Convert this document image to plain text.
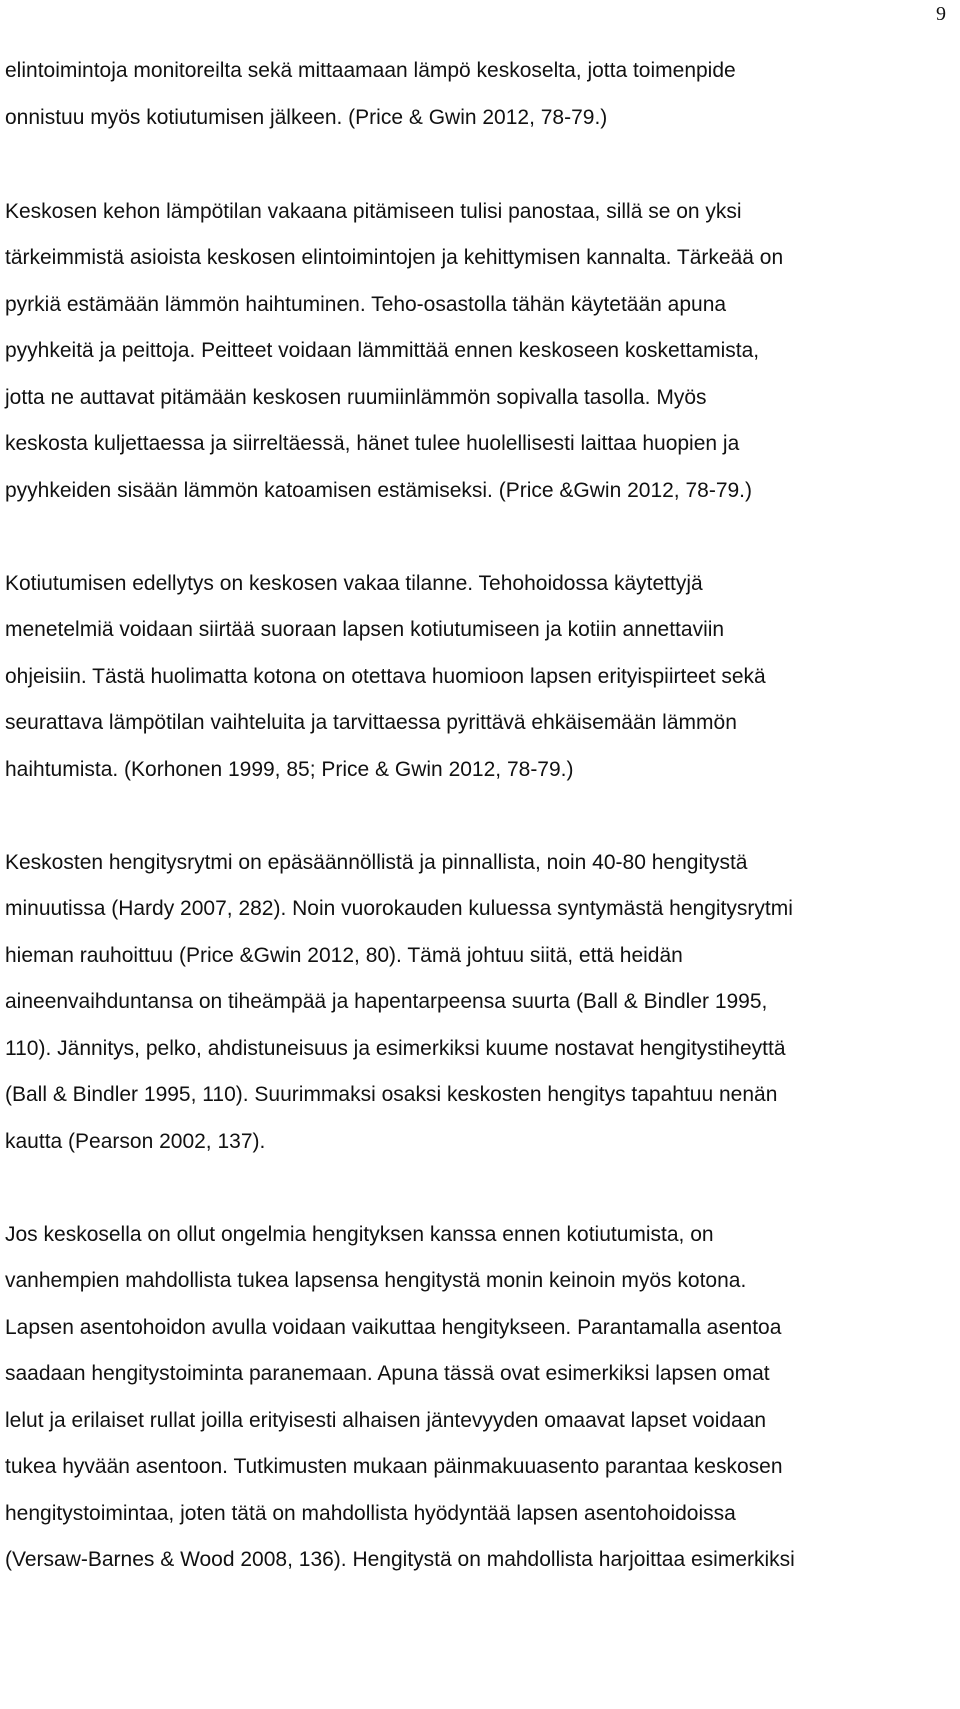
9
elintoimintoja monitoreilta sekä mittaamaan lämpö keskoselta, jotta toimenpide
onnistuu myös kotiutumisen jälkeen. (Price & Gwin 2012, 78-79.)
Keskosen kehon lämpötilan vakaana pitämiseen tulisi panostaa, sillä se on yksi
tärkeimmistä asioista keskosen elintoimintojen ja kehittymisen kannalta. Tärkeää on
pyrkiä estämään lämmön haihtuminen. Teho-osastolla tähän käytetään apuna
pyyhkeitä ja peittoja. Peitteet voidaan lämmittää ennen keskoseen koskettamista,
jotta ne auttavat pitämään keskosen ruumiinlämmön sopivalla tasolla. Myös
keskosta kuljettaessa ja siirreltäessä, hänet tulee huolellisesti laittaa huopien ja
pyyhkeiden sisään lämmön katoamisen estämiseksi. (Price &Gwin 2012, 78-79.)
Kotiutumisen edellytys on keskosen vakaa tilanne. Tehohoidossa käytettyjä
menetelmiä voidaan siirtää suoraan lapsen kotiutumiseen ja kotiin annettaviin
ohjeisiin. Tästä huolimatta kotona on otettava huomioon lapsen erityispiirteet sekä
seurattava lämpötilan vaihteluita ja tarvittaessa pyrittävä ehkäisemään lämmön
haihtumista. (Korhonen 1999, 85; Price & Gwin 2012, 78-79.)
Keskosten hengitysrytmi on epäsäännöllistä ja pinnallista, noin 40-80 hengitystä
minuutissa (Hardy 2007, 282). Noin vuorokauden kuluessa syntymästä hengitysrytmi
hieman rauhoittuu (Price &Gwin 2012, 80). Tämä johtuu siitä, että heidän
aineenvaihduntansa on tiheämpää ja hapentarpeensa suurta (Ball & Bindler 1995,
110). Jännitys, pelko, ahdistuneisuus ja esimerkiksi kuume nostavat hengitystiheyttä
(Ball & Bindler 1995, 110). Suurimmaksi osaksi keskosten hengitys tapahtuu nenän
kautta (Pearson 2002, 137).
Jos keskosella on ollut ongelmia hengityksen kanssa ennen kotiutumista, on
vanhempien mahdollista tukea lapsensa hengitystä monin keinoin myös kotona.
Lapsen asentohoidon avulla voidaan vaikuttaa hengitykseen. Parantamalla asentoa
saadaan hengitystoiminta paranemaan. Apuna tässä ovat esimerkiksi lapsen omat
lelut ja erilaiset rullat joilla erityisesti alhaisen jäntevyyden omaavat lapset voidaan
tukea hyvään asentoon. Tutkimusten mukaan päinmakuuasento parantaa keskosen
hengitystoimintaa, joten tätä on mahdollista hyödyntää lapsen asentohoidoissa
(Versaw-Barnes & Wood 2008, 136). Hengitystä on mahdollista harjoittaa esimerkiksi
